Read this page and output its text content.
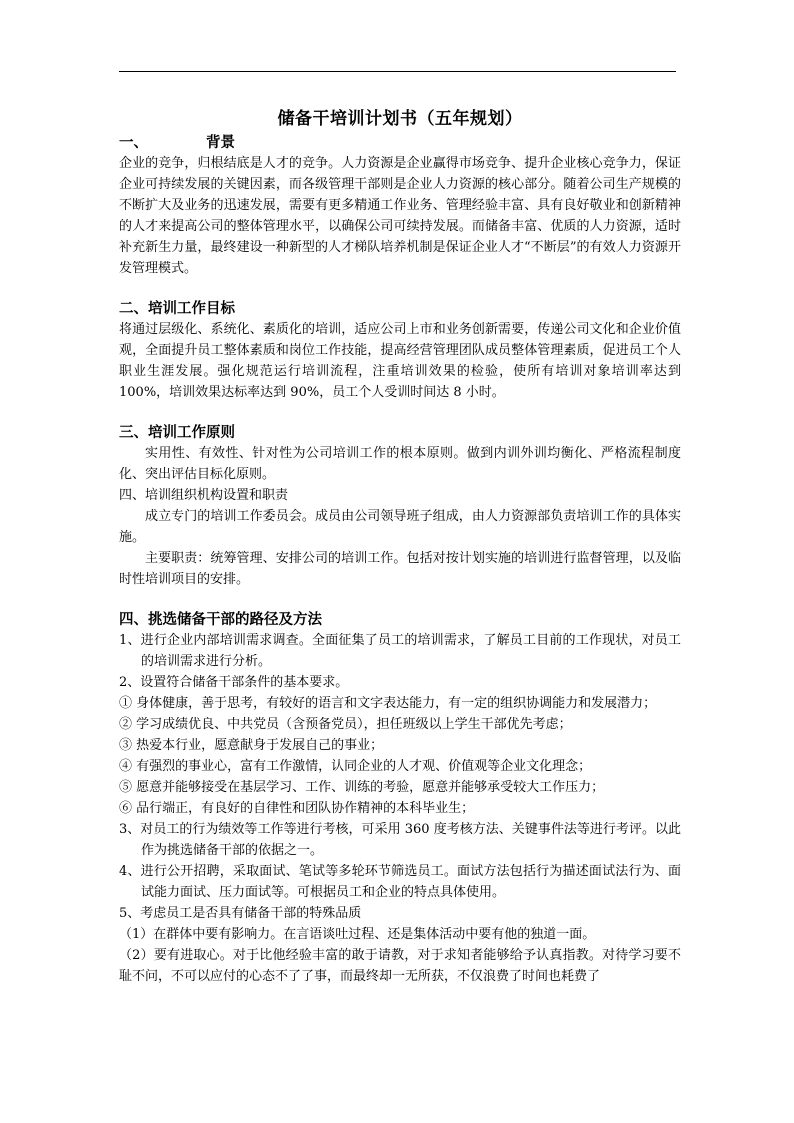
储备干培训计划书（五年规划）
一、	背景

企业的竞争，归根结底是人才的竞争。人力资源是企业赢得市场竞争、提升企业核心竞争力，保证企业可持续发展的关键因素，而各级管理干部则是企业人力资源的核心部分。随着公司生产规模的不断扩大及业务的迅速发展，需要有更多精通工作业务、管理经验丰富、具有良好敬业和创新精神的人才来提高公司的整体管理水平，以确保公司可续持发展。而储备丰富、优质的人力资源，适时补充新生力量，最终建设一种新型的人才梯队培养机制是保证企业人才“不断层”的有效人力资源开发管理模式。

二、培训工作目标

将通过层级化、系统化、素质化的培训，适应公司上市和业务创新需要，传递公司文化和企业价值观，全面提升员工整体素质和岗位工作技能，提高经营管理团队成员整体管理素质，促进员工个人职业生涯发展。强化规范运行培训流程，注重培训效果的检验，使所有培训对象培训率达到 100%，培训效果达标率达到 90%，员工个人受训时间达 8 小时。

三、培训工作原则

实用性、有效性、针对性为公司培训工作的根本原则。做到内训外训均衡化、严格流程制度化、突出评估目标化原则。

四、培训组织机构设置和职责

成立专门的培训工作委员会。成员由公司领导班子组成，由人力资源部负责培训工作的具体实施。

主要职责：统筹管理、安排公司的培训工作。包括对按计划实施的培训进行监督管理，以及临时性培训项目的安排。

四、挑选储备干部的路径及方法

1、进行企业内部培训需求调查。全面征集了员工的培训需求，了解员工目前的工作现状，对员工的培训需求进行分析。

2、设置符合储备干部条件的基本要求。

① 身体健康，善于思考，有较好的语言和文字表达能力，有一定的组织协调能力和发展潜力；

② 学习成绩优良、中共党员（含预备党员），担任班级以上学生干部优先考虑；

③ 热爱本行业，愿意献身于发展自己的事业；

④ 有强烈的事业心，富有工作激情，认同企业的人才观、价值观等企业文化理念；

⑤ 愿意并能够接受在基层学习、工作、训练的考验，愿意并能够承受较大工作压力；

⑥ 品行端正，有良好的自律性和团队协作精神的本科毕业生；

3、对员工的行为绩效等工作等进行考核，可采用 360 度考核方法、关键事件法等进行考评。以此作为挑选储备干部的依据之一。

4、进行公开招聘，采取面试、笔试等多轮环节筛选员工。面试方法包括行为描述面试法行为、面试能力面试、压力面试等。可根据员工和企业的特点具体使用。

5、考虑员工是否具有储备干部的特殊品质

（1）在群体中要有影响力。在言语谈吐过程、还是集体活动中要有他的独道一面。

（2）要有进取心。对于比他经验丰富的敢于请教，对于求知者能够给予认真指教。对待学习要不耻不问，不可以应付的心态不了了事，而最终却一无所获，不仅浪费了时间也耗费了
